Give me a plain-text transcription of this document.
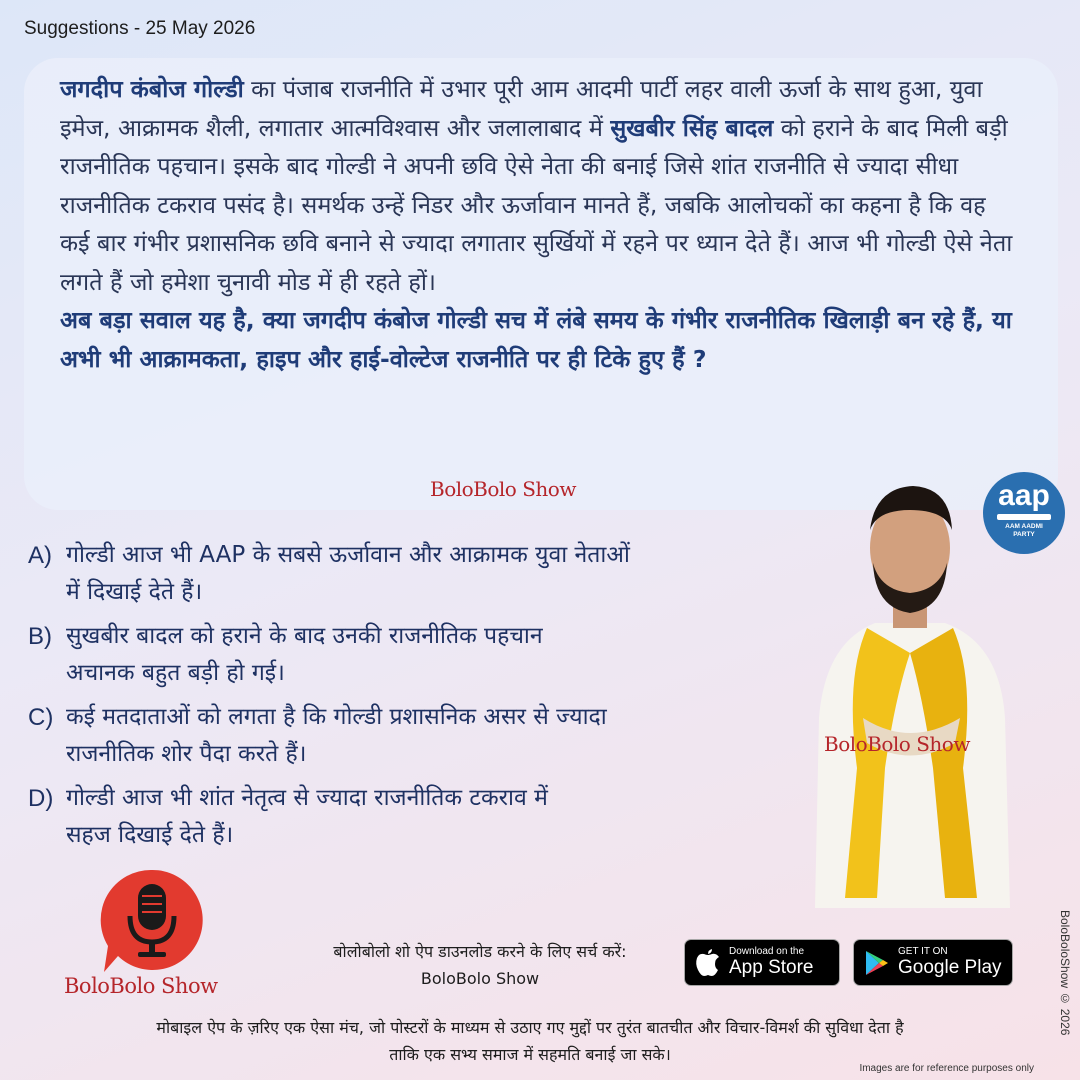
Suggestions - 25 May 2026

जगदीप कंबोज गोल्डी का पंजाब राजनीति में उभार पूरी आम आदमी पार्टी लहर वाली ऊर्जा के साथ हुआ, युवा इमेज, आक्रामक शैली, लगातार आत्मविश्वास और जलालाबाद में सुखबीर सिंह बादल को हराने के बाद मिली बड़ी राजनीतिक पहचान। इसके बाद गोल्डी ने अपनी छवि ऐसे नेता की बनाई जिसे शांत राजनीति से ज्यादा सीधा राजनीतिक टकराव पसंद है। समर्थक उन्हें निडर और ऊर्जावान मानते हैं, जबकि आलोचकों का कहना है कि वह कई बार गंभीर प्रशासनिक छवि बनाने से ज्यादा लगातार सुर्खियों में रहने पर ध्यान देते हैं। आज भी गोल्डी ऐसे नेता लगते हैं जो हमेशा चुनावी मोड में ही रहते हों।

अब बड़ा सवाल यह है, क्या जगदीप कंबोज गोल्डी सच में लंबे समय के गंभीर राजनीतिक खिलाड़ी बन रहे हैं, या अभी भी आक्रामकता, हाइप और हाई-वोल्टेज राजनीति पर ही टिके हुए हैं ?

BoloBolo Show
A) गोल्डी आज भी AAP के सबसे ऊर्जावान और आक्रामक युवा नेताओं
में दिखाई देते हैं।
B) सुखबीर बादल को हराने के बाद उनकी राजनीतिक पहचान
अचानक बहुत बड़ी हो गई।
C) कई मतदाताओं को लगता है कि गोल्डी प्रशासनिक असर से ज्यादा
राजनीतिक शोर पैदा करते हैं।
D) गोल्डी आज भी शांत नेतृत्व से ज्यादा राजनीतिक टकराव में
सहज दिखाई देते हैं।
aap
AAM AADMI
PARTY
BoloBolo Show
BoloBolo Show
बोलोबोलो शो ऐप डाउनलोड करने के लिए सर्च करें:
BoloBolo Show
Download on the
App Store
GET IT ON
Google Play
मोबाइल ऐप के ज़रिए एक ऐसा मंच, जो पोस्टरों के माध्यम से उठाए गए मुद्दों पर तुरंत बातचीत और विचार-विमर्श की सुविधा देता है
ताकि एक सभ्य समाज में सहमति बनाई जा सके।
Images are for reference purposes only
BoloBoloShow © 2026
